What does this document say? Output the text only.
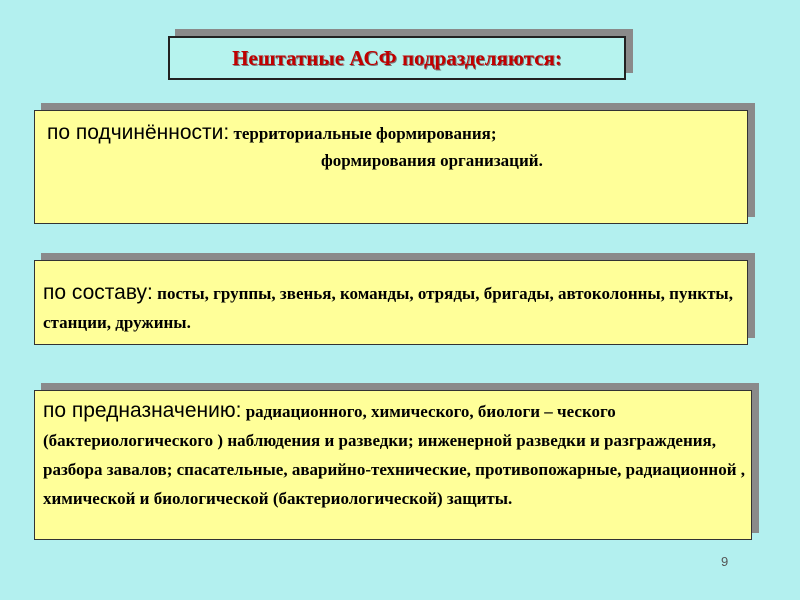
Нештатные АСФ подразделяются:
по подчинённости: территориальные формирования;
формирования организаций.
по составу: посты, группы, звенья, команды, отряды, бригады, автоколонны, пункты, станции, дружины.
по предназначению: радиационного, химического, биологи – ческого (бактериологического ) наблюдения и разведки; инженерной разведки и разграждения, разбора завалов; спасательные, аварийно-технические, противопожарные, радиационной , химической и биологической (бактериологической) защиты.
9
